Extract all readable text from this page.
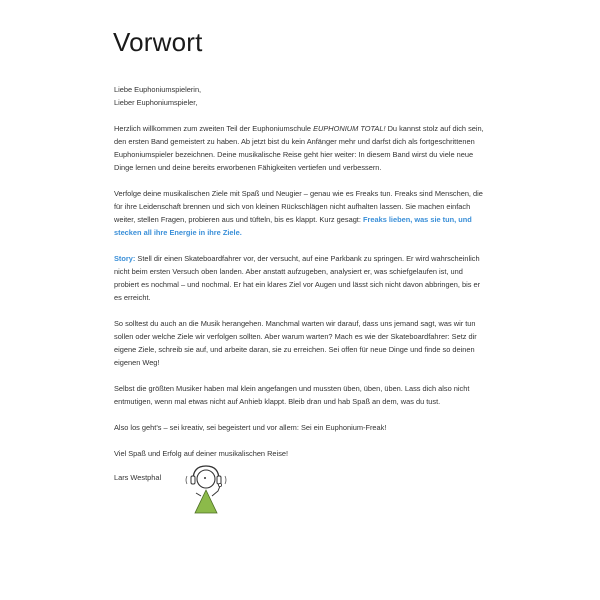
Vorwort

Liebe Euphoniumspielerin,
Lieber Euphoniumspieler,

Herzlich willkommen zum zweiten Teil der Euphoniumschule EUPHONIUM TOTAL! Du kannst stolz auf dich sein, den ersten Band gemeistert zu haben. Ab jetzt bist du kein Anfänger mehr und darfst dich als fortgeschrittenen Euphoniumspieler bezeichnen. Deine musikalische Reise geht hier weiter: In diesem Band wirst du viele neue Dinge lernen und deine bereits erworbenen Fähigkeiten vertiefen und verbessern.

Verfolge deine musikalischen Ziele mit Spaß und Neugier – genau wie es Freaks tun. Freaks sind Menschen, die für ihre Leidenschaft brennen und sich von kleinen Rückschlägen nicht aufhalten lassen. Sie machen einfach weiter, stellen Fragen, probieren aus und tüfteln, bis es klappt. Kurz gesagt: Freaks lieben, was sie tun, und stecken all ihre Energie in ihre Ziele.

Story: Stell dir einen Skateboardfahrer vor, der versucht, auf eine Parkbank zu springen. Er wird wahrscheinlich nicht beim ersten Versuch oben landen. Aber anstatt aufzugeben, analysiert er, was schiefgelaufen ist, und probiert es nochmal – und nochmal. Er hat ein klares Ziel vor Augen und lässt sich nicht davon abbringen, bis er es erreicht.

So solltest du auch an die Musik herangehen. Manchmal warten wir darauf, dass uns jemand sagt, was wir tun sollen oder welche Ziele wir verfolgen sollten. Aber warum warten? Mach es wie der Skateboardfahrer: Setz dir eigene Ziele, schreib sie auf, und arbeite daran, sie zu erreichen. Sei offen für neue Dinge und finde so deinen eigenen Weg!

Selbst die größten Musiker haben mal klein angefangen und mussten üben, üben, üben. Lass dich also nicht entmutigen, wenn mal etwas nicht auf Anhieb klappt. Bleib dran und hab Spaß an dem, was du tust.

Also los geht's – sei kreativ, sei begeistert und vor allem: Sei ein Euphonium-Freak!

Viel Spaß und Erfolg auf deiner musikalischen Reise!

Lars Westphal
